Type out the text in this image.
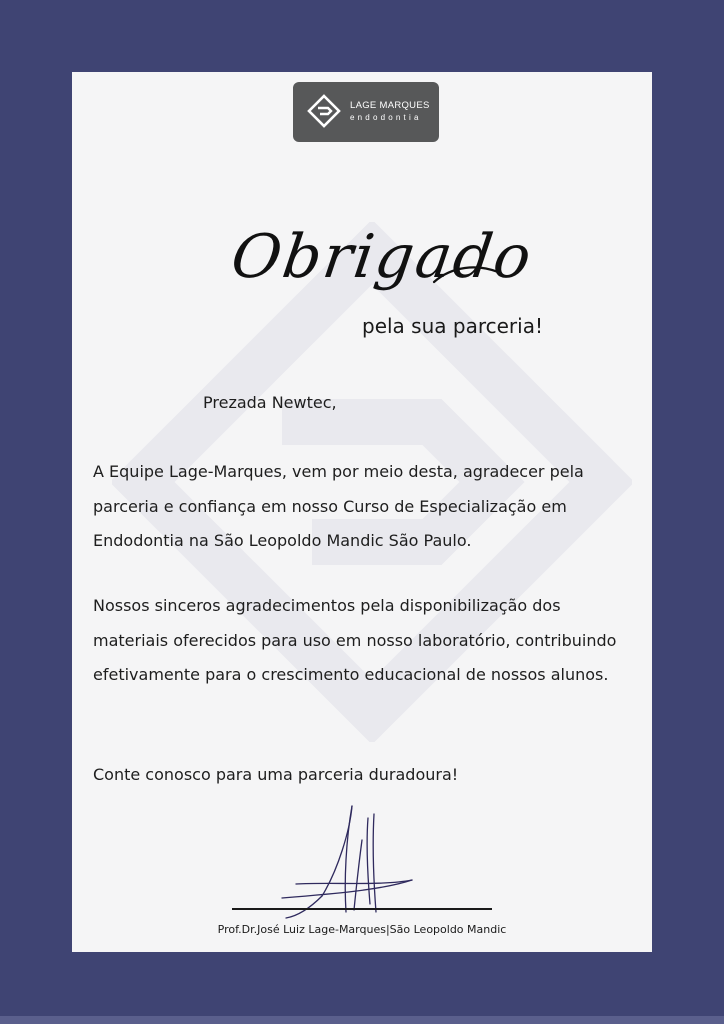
LAGE MARQUES
endodontia
Obrigado
pela sua parceria!

Prezada Newtec,

A Equipe Lage-Marques, vem por meio desta, agradecer pela parceria e confiança em nosso Curso de Especialização em Endodontia na São Leopoldo Mandic São Paulo.

Nossos sinceros agradecimentos pela disponibilização dos materiais oferecidos para uso em nosso laboratório, contribuindo efetivamente para o crescimento educacional de nossos alunos.

Conte conosco para uma parceria duradoura!

Prof.Dr.José Luiz Lage-Marques|São Leopoldo Mandic
